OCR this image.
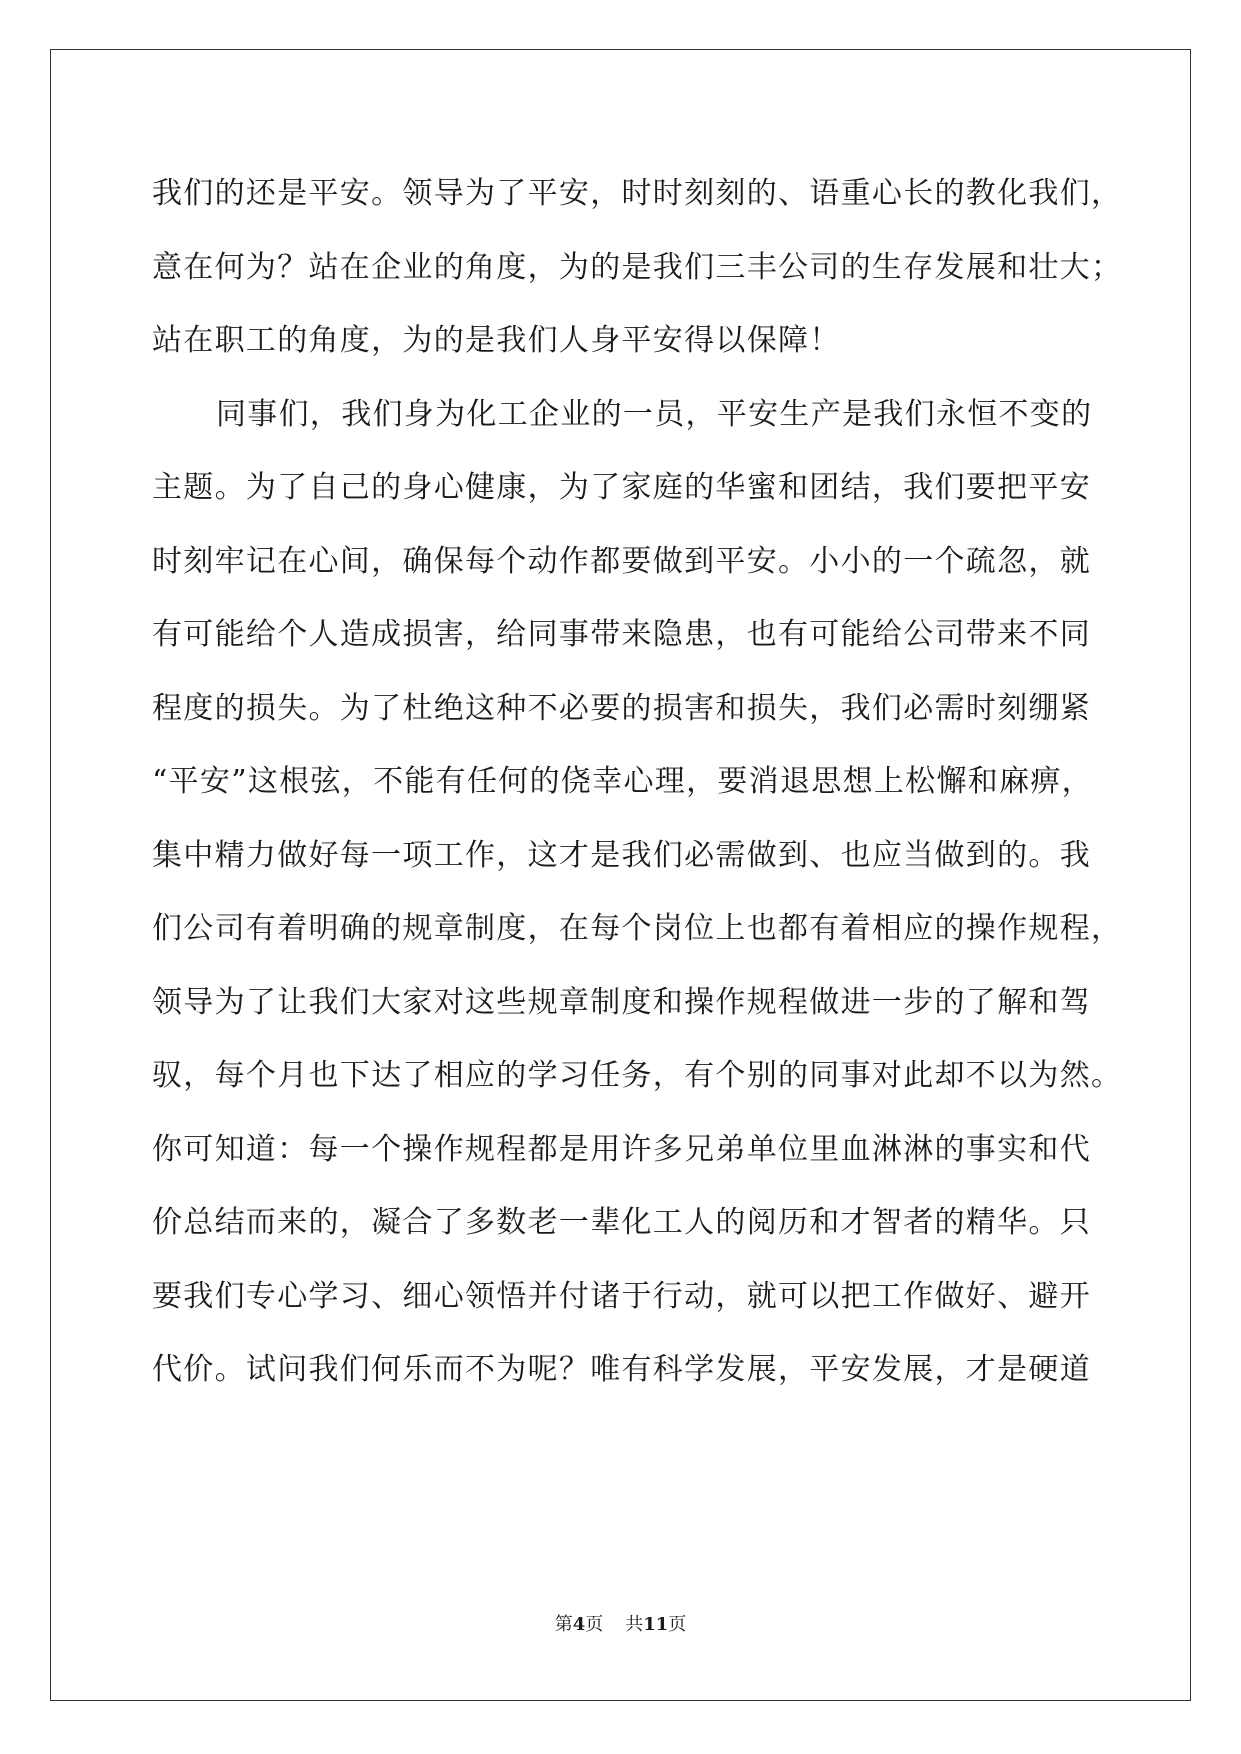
我们的还是平安。领导为了平安，时时刻刻的、语重心长的教化我们，
意在何为？站在企业的角度，为的是我们三丰公司的生存发展和壮大；
站在职工的角度，为的是我们人身平安得以保障！
同事们，我们身为化工企业的一员，平安生产是我们永恒不变的
主题。为了自己的身心健康，为了家庭的华蜜和团结，我们要把平安
时刻牢记在心间，确保每个动作都要做到平安。小小的一个疏忽，就
有可能给个人造成损害，给同事带来隐患，也有可能给公司带来不同
程度的损失。为了杜绝这种不必要的损害和损失，我们必需时刻绷紧
“平安”这根弦，不能有任何的侥幸心理，要消退思想上松懈和麻痹，
集中精力做好每一项工作，这才是我们必需做到、也应当做到的。我
们公司有着明确的规章制度，在每个岗位上也都有着相应的操作规程，
领导为了让我们大家对这些规章制度和操作规程做进一步的了解和驾
驭，每个月也下达了相应的学习任务，有个别的同事对此却不以为然。
你可知道：每一个操作规程都是用许多兄弟单位里血淋淋的事实和代
价总结而来的，凝合了多数老一辈化工人的阅历和才智者的精华。只
要我们专心学习、细心领悟并付诸于行动，就可以把工作做好、避开
代价。试问我们何乐而不为呢？唯有科学发展，平安发展，才是硬道
第4页 共11页
